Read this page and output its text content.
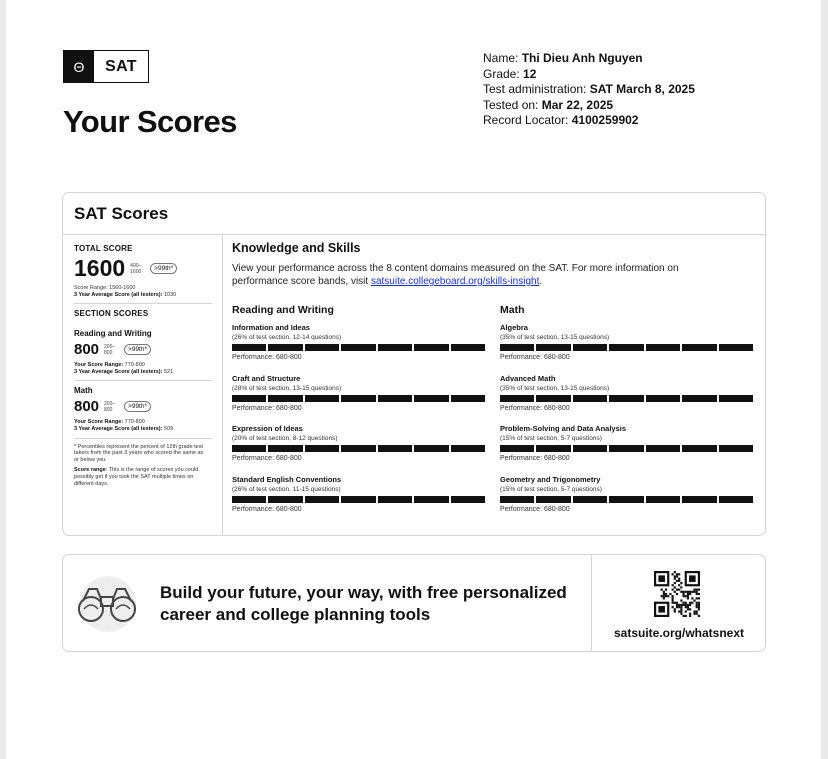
Θ	SAT
Your Scores
Name: Thi Dieu Anh Nguyen
Grade: 12
Test administration: SAT March 8, 2025
Tested on: Mar 22, 2025
Record Locator: 4100259902
SAT Scores
TOTAL SCORE
1600 400–1600	>99th*
Score Range: 1560-1600
3 Year Average Score (all testers): 1030
SECTION SCORES
Reading and Writing
800 200–800	>99th*
Your Score Range: 770-800
3 Year Average Score (all testers): 521
Math
800 200–800	>99th*
Your Score Range: 770-800
3 Year Average Score (all testers): 509
* Percentiles represent the percent of 12th grade test takers from the past 3 years who scored the same as or below you.
Score range: This is the range of scores you could possibly get if you took the SAT multiple times on different days.
Knowledge and Skills
View your performance across the 8 content domains measured on the SAT. For more information on performance score bands, visit satsuite.collegeboard.org/skills-insight.
Reading and Writing
Information and Ideas
(26% of test section, 12-14 questions)
Performance: 680-800
Craft and Structure
(28% of test section, 13-15 questions)
Performance: 680-800
Expression of Ideas
(20% of test section, 8-12 questions)
Performance: 680-800
Standard English Conventions
(26% of test section, 11-15 questions)
Performance: 680-800
Math
Algebra
(35% of test section, 13-15 questions)
Performance: 680-800
Advanced Math
(35% of test section, 13-15 questions)
Performance: 680-800
Problem-Solving and Data Analysis
(15% of test section, 5-7 questions)
Performance: 680-800
Geometry and Trigonometry
(15% of test section, 5-7 questions)
Performance: 680-800
Build your future, your way, with free personalized career and college planning tools
satsuite.org/whatsnext
